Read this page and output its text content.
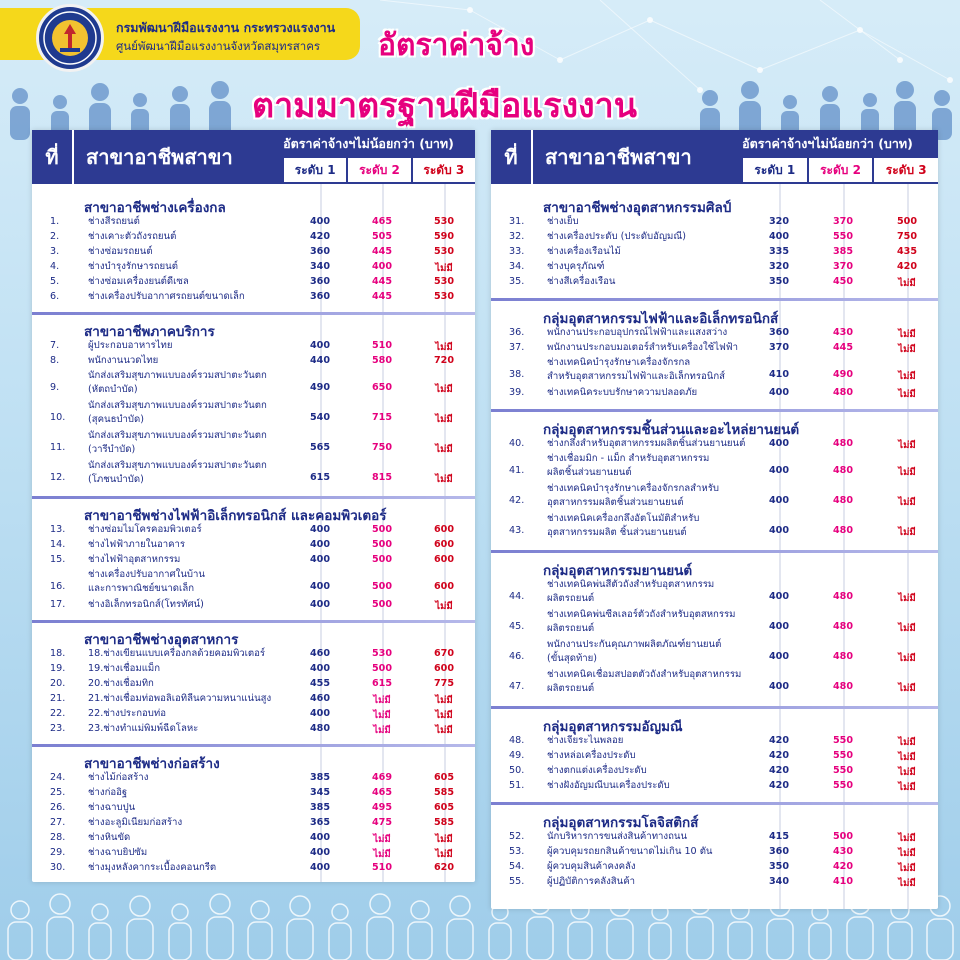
กรมพัฒนาฝีมือแรงงาน กระทรวงแรงงาน
ศูนย์พัฒนาฝีมือแรงงานจังหวัดสมุทรสาคร อัตราค่าจ้าง
ตามมาตรฐานฝีมือแรงงาน
ที่	สาขาอาชีพสาขา
อัตราค่าจ้างฯไม่น้อยกว่า (บาท)
ระดับ 1	ระดับ 2	ระดับ 3
สาขาอาชีพช่างเครื่องกล
1.	ช่างสีรถยนต์	400	465	530
2.	ช่างเคาะตัวถังรถยนต์	420	505	590
3.	ช่างซ่อมรถยนต์	360	445	530
4.	ช่างบำรุงรักษารถยนต์	340	400	ไม่มี
5.	ช่างซ่อมเครื่องยนต์ดีเซล	360	445	530
6.	ช่างเครื่องปรับอากาศรถยนต์ขนาดเล็ก	360	445	530
สาขาอาชีพภาคบริการ
7.	ผู้ประกอบอาหารไทย	400	510	ไม่มี
8.	พนักงานนวดไทย	440	580	720
9.
นักส่งเสริมสุขภาพแบบองค์รวมสปาตะวันตก
(หัตถบำบัด)	490	650	ไม่มี
10.
นักส่งเสริมสุขภาพแบบองค์รวมสปาตะวันตก
(สุคนธบำบัด)	540	715	ไม่มี
11.
นักส่งเสริมสุขภาพแบบองค์รวมสปาตะวันตก
(วารีบำบัด)	565	750	ไม่มี
12.
นักส่งเสริมสุขภาพแบบองค์รวมสปาตะวันตก
(โภชนบำบัด)	615	815	ไม่มี
สาขาอาชีพช่างไฟฟ้าอิเล็กทรอนิกส์ และคอมพิวเตอร์
13.	ช่างซ่อมไมโครคอมพิวเตอร์	400	500	600
14.	ช่างไฟฟ้าภายในอาคาร	400	500	600
15.	ช่างไฟฟ้าอุตสาหกรรม	400	500	600
16.
ช่างเครื่องปรับอากาศในบ้าน
และการพาณิชย์ขนาดเล็ก	400	500	600
17.	ช่างอิเล็กทรอนิกส์(โทรทัศน์)	400	500	ไม่มี
สาขาอาชีพช่างอุตสาหการ
18.	18.ช่างเขียนแบบเครื่องกลด้วยคอมพิวเตอร์	460	530	670
19.	19.ช่างเชื่อมแม็ก	400	500	600
20.	20.ช่างเชื่อมทิก	455	615	775
21.	21.ช่างเชื่อมท่อพอลิเอทิลีนความหนาแน่นสูง	460	ไม่มี	ไม่มี
22.	22.ช่างประกอบท่อ	400	ไม่มี	ไม่มี
23.	23.ช่างทำแม่พิมพ์ฉีดโลหะ	480	ไม่มี	ไม่มี
สาขาอาชีพช่างก่อสร้าง
24.	ช่างไม้ก่อสร้าง	385	469	605
25.	ช่างก่ออิฐ	345	465	585
26.	ช่างฉาบปูน	385	495	605
27.	ช่างอะลูมิเนียมก่อสร้าง	365	475	585
28.	ช่างหินขัด	400	ไม่มี	ไม่มี
29.	ช่างฉาบยิปซัม	400	ไม่มี	ไม่มี
30.	ช่างมุงหลังคากระเบื้องคอนกรีต	400	510	620
ที่	สาขาอาชีพสาขา
อัตราค่าจ้างฯไม่น้อยกว่า (บาท)
ระดับ 1	ระดับ 2	ระดับ 3
สาขาอาชีพช่างอุตสาหกรรมศิลป์
31.	ช่างเย็บ	320	370	500
32.	ช่างเครื่องประดับ (ประดับอัญมณี)	400	550	750
33.	ช่างเครื่องเรือนไม้	335	385	435
34.	ช่างบุครุภัณฑ์	320	370	420
35.	ช่างสีเครื่องเรือน	350	450	ไม่มี
กลุ่มอุตสาหกรรมไฟฟ้าและอิเล็กทรอนิกส์
36.	พนักงานประกอบอุปกรณ์ไฟฟ้าและแสงสว่าง	360	430	ไม่มี
37.	พนักงานประกอบมอเตอร์สำหรับเครื่องใช้ไฟฟ้า	370	445	ไม่มี
38.
ช่างเทคนิคบำรุงรักษาเครื่องจักรกล
สำหรับอุตสาหกรรมไฟฟ้าและอิเล็กทรอนิกส์	410	490	ไม่มี
39.	ช่างเทคนิคระบบรักษาความปลอดภัย	400	480	ไม่มี
กลุ่มอุตสาหกรรมชิ้นส่วนและอะไหล่ยานยนต์
40.	ช่างกลึงสำหรับอุตสาหกรรมผลิตชิ้นส่วนยานยนต์	400	480	ไม่มี
41.
ช่างเชื่อมมิก - แม็ก สำหรับอุตสาหกรรม
ผลิตชิ้นส่วนยานยนต์	400	480	ไม่มี
42.
ช่างเทคนิคบำรุงรักษาเครื่องจักรกลสำหรับ
อุตสาหกรรมผลิตชิ้นส่วนยานยนต์	400	480	ไม่มี
43.
ช่างเทคนิคเครื่องกลึงอัตโนมัติสำหรับ
อุตสาหกรรมผลิต ชิ้นส่วนยานยนต์	400	480	ไม่มี
กลุ่มอุตสาหกรรมยานยนต์
44.
ช่างเทคนิคพ่นสีตัวถังสำหรับอุตสาหกรรม
ผลิตรถยนต์	400	480	ไม่มี
45.
ช่างเทคนิคพ่นซีลเลอร์ตัวถังสำหรับอุตสหกรรม
ผลิตรถยนต์	400	480	ไม่มี
46.
พนักงานประกันคุณภาพผลิตภัณฑ์ยานยนต์
(ขั้นสุดท้าย)	400	480	ไม่มี
47.
ช่างเทคนิคเชื่อมสปอตตัวถังสำหรับอุตสาหกรรม
ผลิตรถยนต์	400	480	ไม่มี
กลุ่มอุตสาหกรรมอัญมณี
48.	ช่างเจียระไนพลอย	420	550	ไม่มี
49.	ช่างหล่อเครื่องประดับ	420	550	ไม่มี
50.	ช่างตกแต่งเครื่องประดับ	420	550	ไม่มี
51.	ช่างฝังอัญมณีบนเครื่องประดับ	420	550	ไม่มี
กลุ่มอุตสาหกรรมโลจิสติกส์
52.	นักบริหารการขนส่งสินค้าทางถนน	415	500	ไม่มี
53.	ผู้ควบคุมรถยกสินค้าขนาดไม่เกิน 10 ตัน	360	430	ไม่มี
54.	ผู้ควบคุมสินค้าคงคลัง	350	420	ไม่มี
55.	ผู้ปฏิบัติการคลังสินค้า	340	410	ไม่มี
